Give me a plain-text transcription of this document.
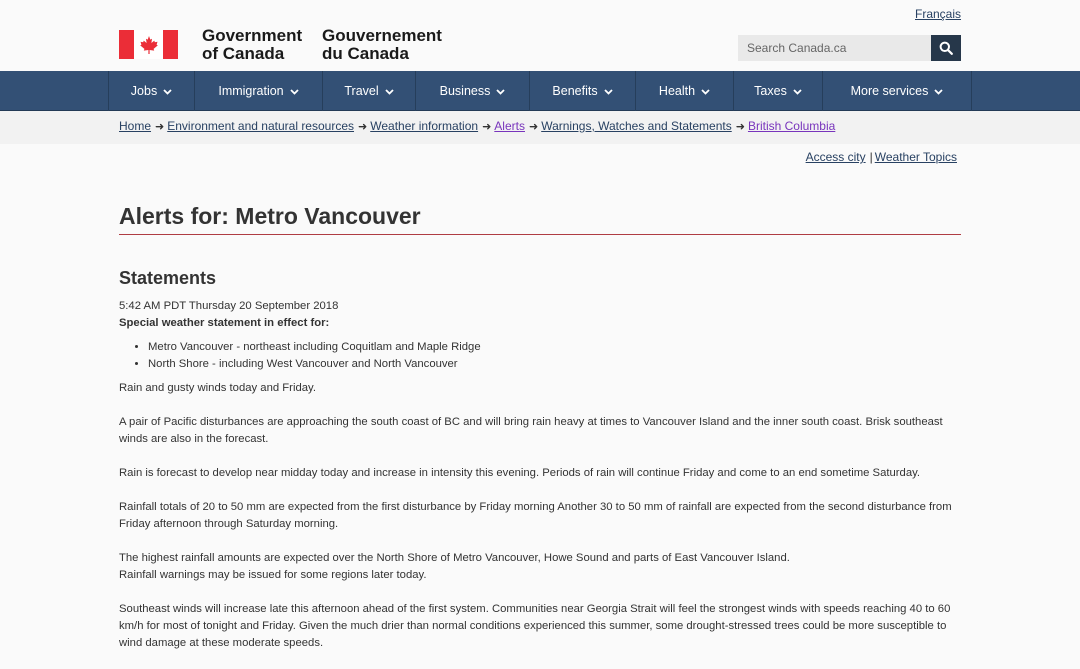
Français
Government
of Canada
Gouvernement
du Canada
Search Canada.ca
Jobs	Immigration	Travel	Business	Benefits	Health	Taxes	More services
Home ➜ Environment and natural resources ➜ Weather information ➜ Alerts ➜ Warnings, Watches and Statements ➜ British Columbia
Access city | Weather Topics
Alerts for: Metro Vancouver
Statements

5:42 AM PDT Thursday 20 September 2018

Special weather statement in effect for:

• Metro Vancouver - northeast including Coquitlam and Maple Ridge
• North Shore - including West Vancouver and North Vancouver

Rain and gusty winds today and Friday.

A pair of Pacific disturbances are approaching the south coast of BC and will bring rain heavy at times to Vancouver Island and the inner south coast. Brisk southeast winds are also in the forecast.

Rain is forecast to develop near midday today and increase in intensity this evening. Periods of rain will continue Friday and come to an end sometime Saturday.

Rainfall totals of 20 to 50 mm are expected from the first disturbance by Friday morning Another 30 to 50 mm of rainfall are expected from the second disturbance from Friday afternoon through Saturday morning.

The highest rainfall amounts are expected over the North Shore of Metro Vancouver, Howe Sound and parts of East Vancouver Island.
Rainfall warnings may be issued for some regions later today.

Southeast winds will increase late this afternoon ahead of the first system. Communities near Georgia Strait will feel the strongest winds with speeds reaching 40 to 60 km/h for most of tonight and Friday. Given the much drier than normal conditions experienced this summer, some drought-stressed trees could be more susceptible to wind damage at these moderate speeds.
